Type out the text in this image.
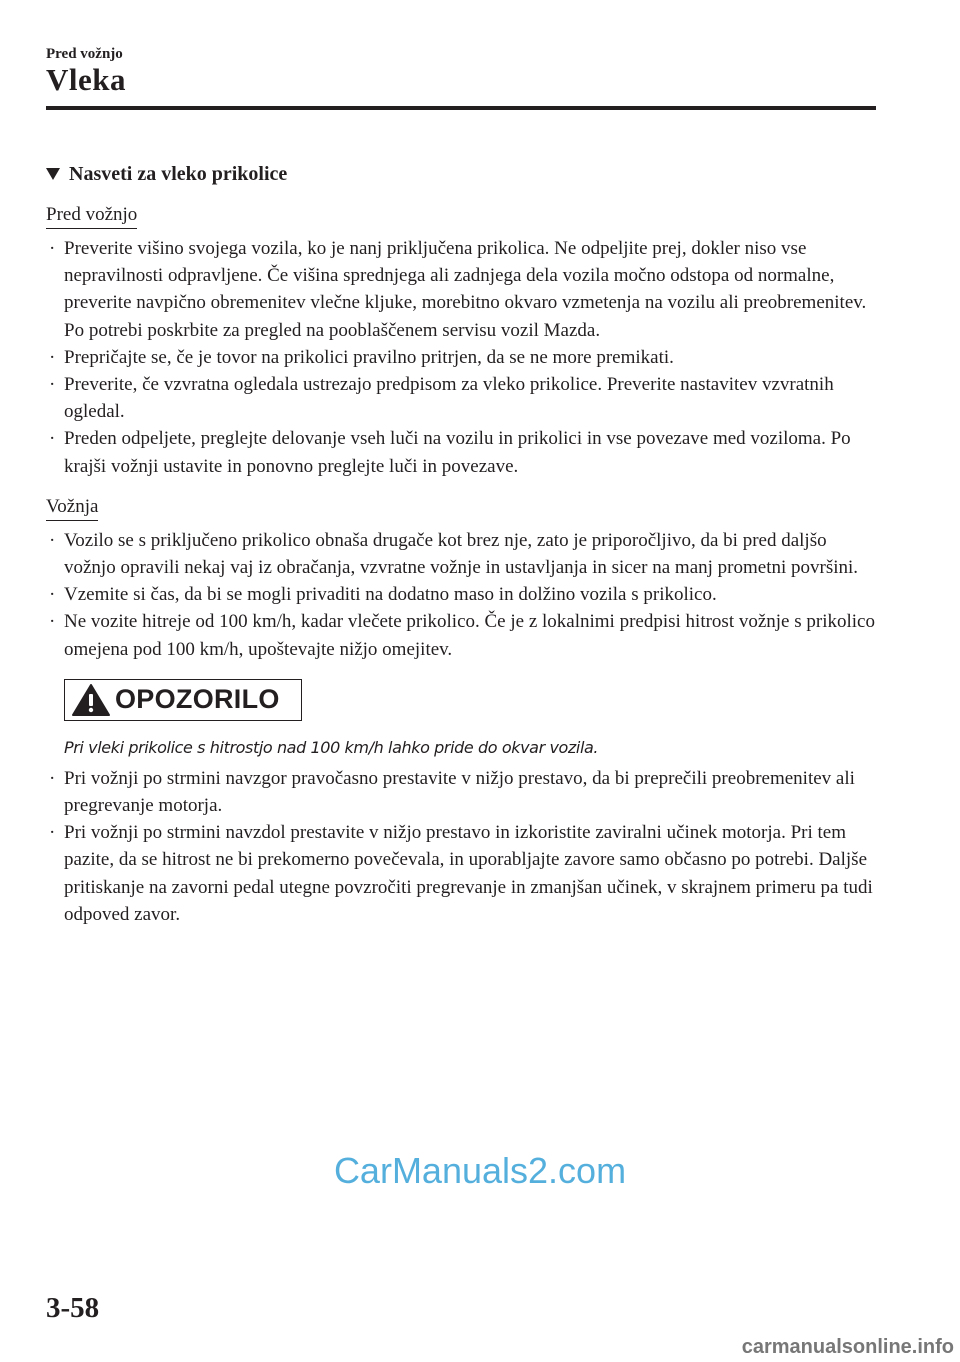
Pred vožnjo
Vleka
Nasveti za vleko prikolice
Pred vožnjo
· Preverite višino svojega vozila, ko je nanj priključena prikolica. Ne odpeljite prej, dokler niso vse nepravilnosti odpravljene. Če višina sprednjega ali zadnjega dela vozila močno odstopa od normalne, preverite navpično obremenitev vlečne kljuke, morebitno okvaro vzmetenja na vozilu ali preobremenitev. Po potrebi poskrbite za pregled na pooblaščenem servisu vozil Mazda.
· Prepričajte se, če je tovor na prikolici pravilno pritrjen, da se ne more premikati.
· Preverite, če vzvratna ogledala ustrezajo predpisom za vleko prikolice. Preverite nastavitev vzvratnih ogledal.
· Preden odpeljete, preglejte delovanje vseh luči na vozilu in prikolici in vse povezave med voziloma. Po krajši vožnji ustavite in ponovno preglejte luči in povezave.
Vožnja
· Vozilo se s priključeno prikolico obnaša drugače kot brez nje, zato je priporočljivo, da bi pred daljšo vožnjo opravili nekaj vaj iz obračanja, vzvratne vožnje in ustavljanja in sicer na manj prometni površini.
· Vzemite si čas, da bi se mogli privaditi na dodatno maso in dolžino vozila s prikolico.
· Ne vozite hitreje od 100 km/h, kadar vlečete prikolico. Če je z lokalnimi predpisi hitrost vožnje s prikolico omejena pod 100 km/h, upoštevajte nižjo omejitev.
OPOZORILO
Pri vleki prikolice s hitrostjo nad 100 km/h lahko pride do okvar vozila.
· Pri vožnji po strmini navzgor pravočasno prestavite v nižjo prestavo, da bi preprečili preobremenitev ali pregrevanje motorja.
· Pri vožnji po strmini navzdol prestavite v nižjo prestavo in izkoristite zaviralni učinek motorja. Pri tem pazite, da se hitrost ne bi prekomerno povečevala, in uporabljajte zavore samo občasno po potrebi. Daljše pritiskanje na zavorni pedal utegne povzročiti pregrevanje in zmanjšan učinek, v skrajnem primeru pa tudi odpoved zavor.
CarManuals2.com
3-58
carmanualsonline.info
